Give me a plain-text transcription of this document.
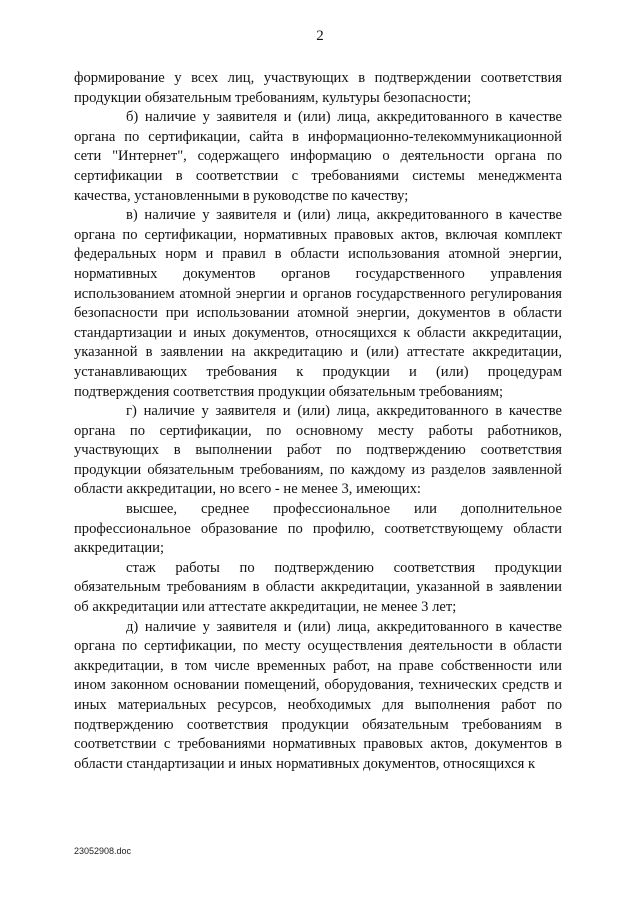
2

формирование у всех лиц, участвующих в подтверждении соответствия продукции обязательным требованиям, культуры безопасности;

б) наличие у заявителя и (или) лица, аккредитованного в качестве органа по сертификации, сайта в информационно-телекоммуникационной сети "Интернет", содержащего информацию о деятельности органа по сертификации в соответствии с требованиями системы менеджмента качества, установленными в руководстве по качеству;

в) наличие у заявителя и (или) лица, аккредитованного в качестве органа по сертификации, нормативных правовых актов, включая комплект федеральных норм и правил в области использования атомной энергии, нормативных документов органов государственного управления использованием атомной энергии и органов государственного регулирования безопасности при использовании атомной энергии, документов в области стандартизации и иных документов, относящихся к области аккредитации, указанной в заявлении на аккредитацию и (или) аттестате аккредитации, устанавливающих требования к продукции и (или) процедурам подтверждения соответствия продукции обязательным требованиям;

г) наличие у заявителя и (или) лица, аккредитованного в качестве органа по сертификации, по основному месту работы работников, участвующих в выполнении работ по подтверждению соответствия продукции обязательным требованиям, по каждому из разделов заявленной области аккредитации, но всего - не менее 3, имеющих:

высшее, среднее профессиональное или дополнительное профессиональное образование по профилю, соответствующему области аккредитации;

стаж работы по подтверждению соответствия продукции обязательным требованиям в области аккредитации, указанной в заявлении об аккредитации или аттестате аккредитации, не менее 3 лет;

д) наличие у заявителя и (или) лица, аккредитованного в качестве органа по сертификации, по месту осуществления деятельности в области аккредитации, в том числе временных работ, на праве собственности или ином законном основании помещений, оборудования, технических средств и иных материальных ресурсов, необходимых для выполнения работ по подтверждению соответствия продукции обязательным требованиям в соответствии с требованиями нормативных правовых актов, документов в области стандартизации и иных нормативных документов, относящихся к

23052908.doc
